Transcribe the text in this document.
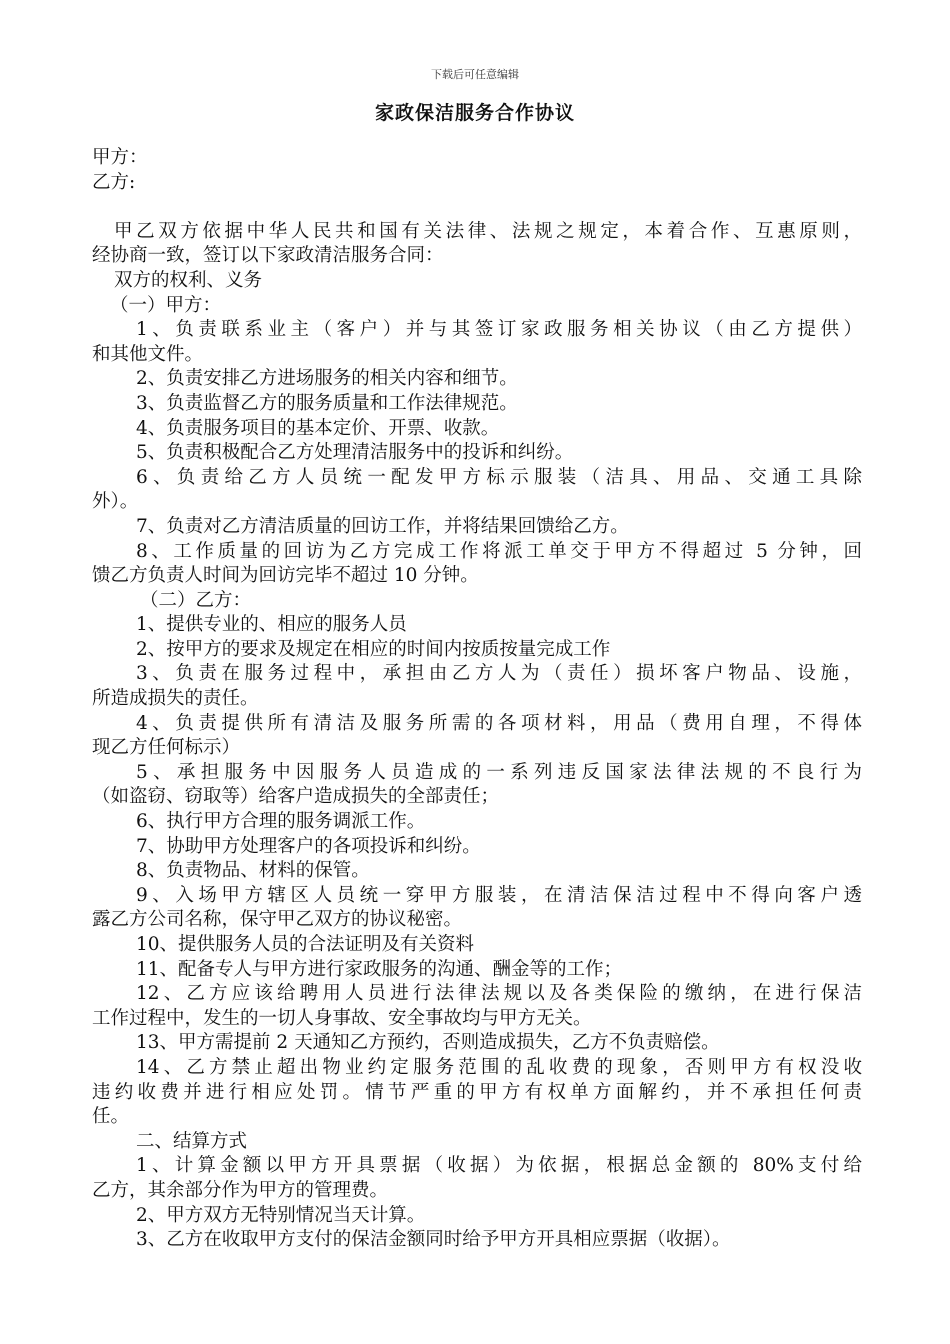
下载后可任意编辑
家政保洁服务合作协议
甲方：
乙方:
甲乙双方依据中华人民共和国有关法律、法规之规定，本着合作、互惠原则，
经协商一致，签订以下家政清洁服务合同：
双方的权利、义务
（一）甲方：
1、负责联系业主（客户）并与其签订家政服务相关协议（由乙方提供）
和其他文件。
2、负责安排乙方进场服务的相关内容和细节。
3、负责监督乙方的服务质量和工作法律规范。
4、负责服务项目的基本定价、开票、收款。
5、负责积极配合乙方处理清洁服务中的投诉和纠纷。
6、负责给乙方人员统一配发甲方标示服装（洁具、用品、交通工具除
外）。
7、负责对乙方清洁质量的回访工作，并将结果回馈给乙方。
8、工作质量的回访为乙方完成工作将派工单交于甲方不得超过 5 分钟，回
馈乙方负责人时间为回访完毕不超过 10 分钟。
（二）乙方：
1、提供专业的、相应的服务人员
2、按甲方的要求及规定在相应的时间内按质按量完成工作
3、负责在服务过程中，承担由乙方人为（责任）损坏客户物品、设施，
所造成损失的责任。
4、负责提供所有清洁及服务所需的各项材料，用品（费用自理，不得体
现乙方任何标示）
5、承担服务中因服务人员造成的一系列违反国家法律法规的不良行为
（如盗窃、窃取等）给客户造成损失的全部责任；
6、执行甲方合理的服务调派工作。
7、协助甲方处理客户的各项投诉和纠纷。
8、负责物品、材料的保管。
9、入场甲方辖区人员统一穿甲方服装，在清洁保洁过程中不得向客户透
露乙方公司名称，保守甲乙双方的协议秘密。
10、提供服务人员的合法证明及有关资料
11、配备专人与甲方进行家政服务的沟通、酬金等的工作；
12、乙方应该给聘用人员进行法律法规以及各类保险的缴纳，在进行保洁
工作过程中，发生的一切人身事故、安全事故均与甲方无关。
13、甲方需提前 2 天通知乙方预约，否则造成损失，乙方不负责赔偿。
14、乙方禁止超出物业约定服务范围的乱收费的现象，否则甲方有权没收
违约收费并进行相应处罚。情节严重的甲方有权单方面解约，并不承担任何责
任。
二、结算方式
1、计算金额以甲方开具票据（收据）为依据，根据总金额的 80%支付给
乙方，其余部分作为甲方的管理费。
2、甲方双方无特别情况当天计算。
3、乙方在收取甲方支付的保洁金额同时给予甲方开具相应票据（收据）。
